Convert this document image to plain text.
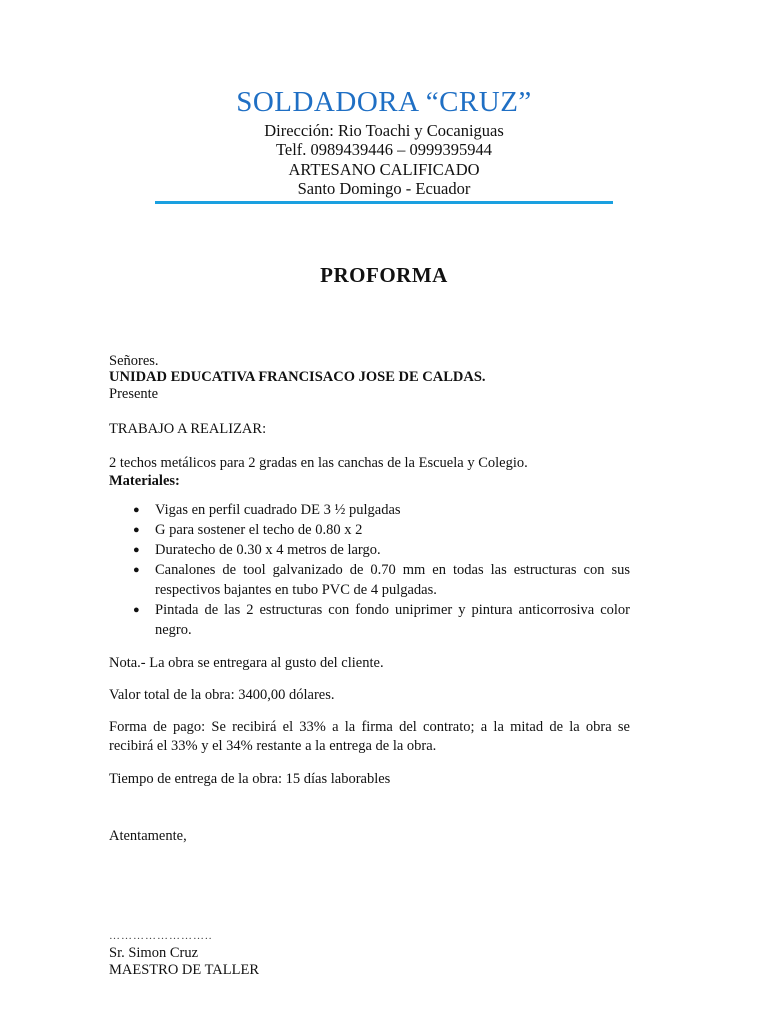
SOLDADORA “CRUZ”
Dirección: Rio Toachi y Cocaniguas
Telf. 0989439446 – 0999395944
ARTESANO CALIFICADO
Santo Domingo - Ecuador
PROFORMA
Señores.
UNIDAD EDUCATIVA FRANCISACO JOSE DE CALDAS.
Presente
TRABAJO A REALIZAR:
2 techos metálicos para 2 gradas en las canchas de la Escuela y Colegio.
Materiales:
● Vigas en perfil cuadrado DE 3 ½ pulgadas
● G para sostener el techo de 0.80 x 2
● Duratecho de 0.30 x 4 metros de largo.
● Canalones de tool galvanizado de 0.70 mm en todas las estructuras con sus respectivos bajantes en tubo PVC de 4 pulgadas.
● Pintada de las 2 estructuras con fondo uniprimer y pintura anticorrosiva color negro.
Nota.- La obra se entregara al gusto del cliente.
Valor total de la obra: 3400,00 dólares.
Forma de pago: Se recibirá el 33% a la firma del contrato; a la mitad de la obra se recibirá el 33% y el 34% restante a la entrega de la obra.
Tiempo de entrega de la obra: 15 días laborables
Atentamente,
……………………..
Sr. Simon Cruz
MAESTRO DE TALLER
